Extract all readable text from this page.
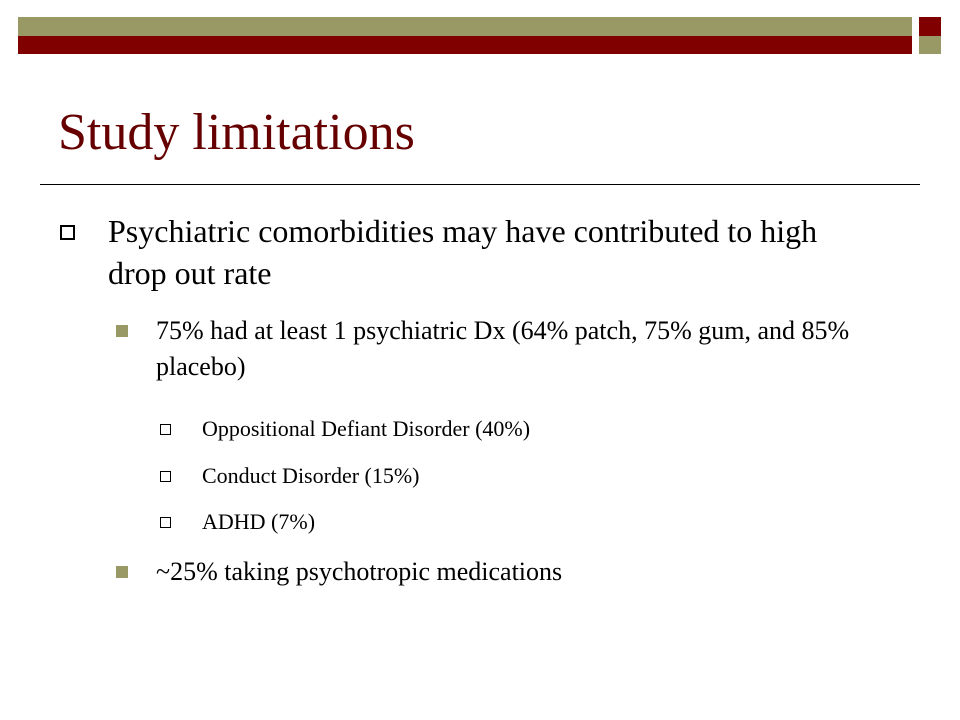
Study limitations
Psychiatric comorbidities may have contributed to high drop out rate
75% had at least 1 psychiatric Dx (64% patch, 75% gum, and 85% placebo)
Oppositional Defiant Disorder (40%)
Conduct Disorder (15%)
ADHD (7%)
~25% taking psychotropic medications
